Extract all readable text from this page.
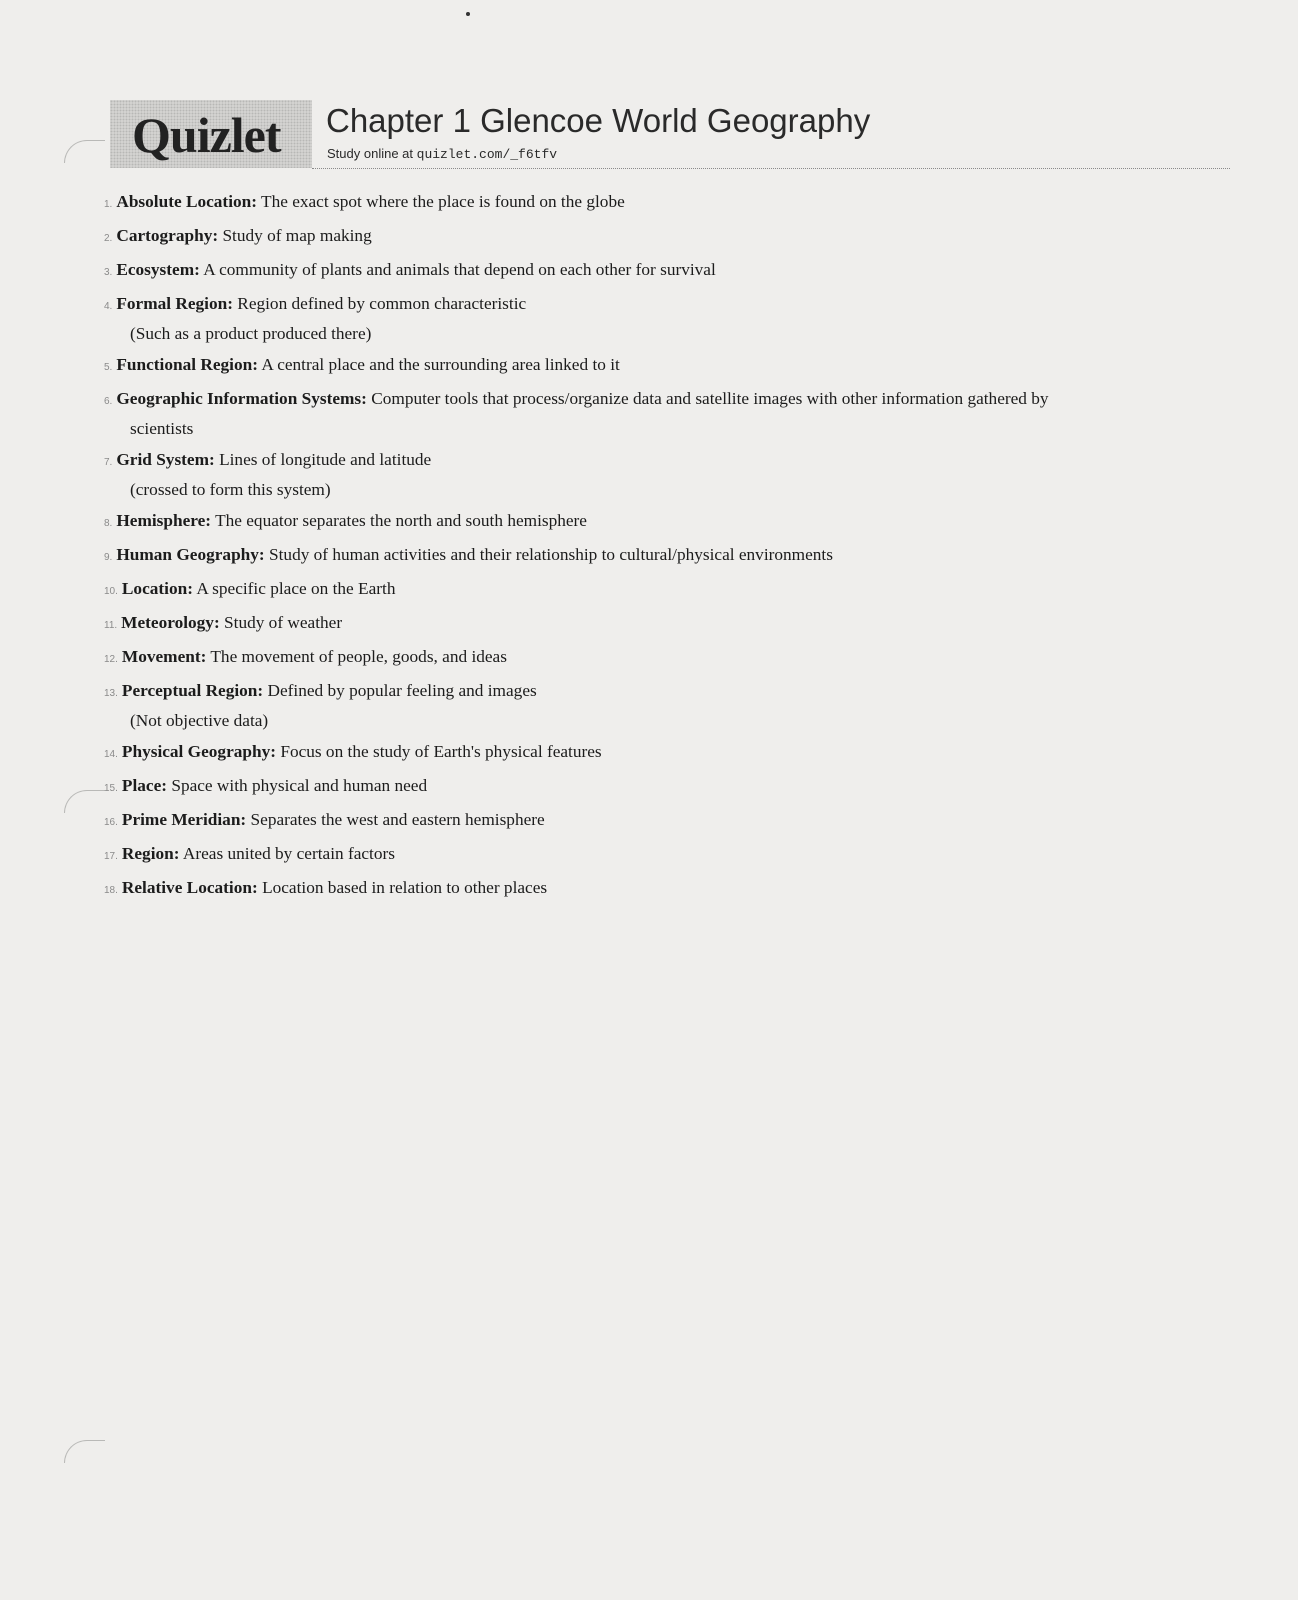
Quizlet Chapter 1 Glencoe World Geography
Study online at quizlet.com/_f6tfv
1. Absolute Location: The exact spot where the place is found on the globe
2. Cartography: Study of map making
3. Ecosystem: A community of plants and animals that depend on each other for survival
4. Formal Region: Region defined by common characteristic
(Such as a product produced there)
5. Functional Region: A central place and the surrounding area linked to it
6. Geographic Information Systems: Computer tools that process/organize data and satellite images with other information gathered by
scientists
7. Grid System: Lines of longitude and latitude
(crossed to form this system)
8. Hemisphere: The equator separates the north and south hemisphere
9. Human Geography: Study of human activities and their relationship to cultural/physical environments
10. Location: A specific place on the Earth
11. Meteorology: Study of weather
12. Movement: The movement of people, goods, and ideas
13. Perceptual Region: Defined by popular feeling and images
(Not objective data)
14. Physical Geography: Focus on the study of Earth's physical features
15. Place: Space with physical and human need
16. Prime Meridian: Separates the west and eastern hemisphere
17. Region: Areas united by certain factors
18. Relative Location: Location based in relation to other places
